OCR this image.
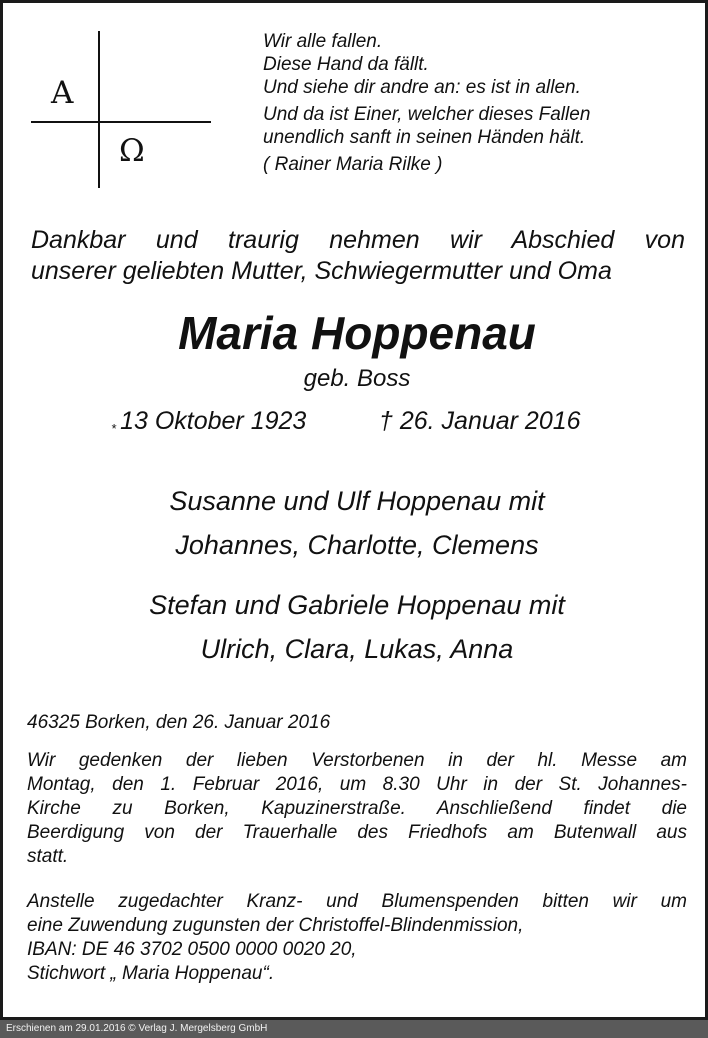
A
Ω
Wir alle fallen.
Diese Hand da fällt.
Und siehe dir andre an: es ist in allen.
Und da ist Einer, welcher dieses Fallen
unendlich sanft in seinen Händen hält.
( Rainer Maria Rilke )
Dankbar und traurig nehmen wir Abschied von
unserer geliebten Mutter, Schwiegermutter und Oma
Maria Hoppenau
geb. Boss
* 13 Oktober 1923	† 26. Januar 2016
Susanne und Ulf Hoppenau mit
Johannes, Charlotte, Clemens
Stefan und Gabriele Hoppenau mit
Ulrich, Clara, Lukas, Anna
46325 Borken, den 26. Januar 2016
Wir gedenken der lieben Verstorbenen in der hl. Messe am
Montag, den 1. Februar 2016, um 8.30 Uhr in der St. Johannes-
Kirche zu Borken, Kapuzinerstraße. Anschließend findet die
Beerdigung von der Trauerhalle des Friedhofs am Butenwall aus
statt.
Anstelle zugedachter Kranz- und Blumenspenden bitten wir um
eine Zuwendung zugunsten der Christoffel-Blindenmission,
IBAN: DE 46 3702 0500 0000 0020 20,
Stichwort „ Maria Hoppenau“.
Erschienen am 29.01.2016 © Verlag J. Mergelsberg GmbH
